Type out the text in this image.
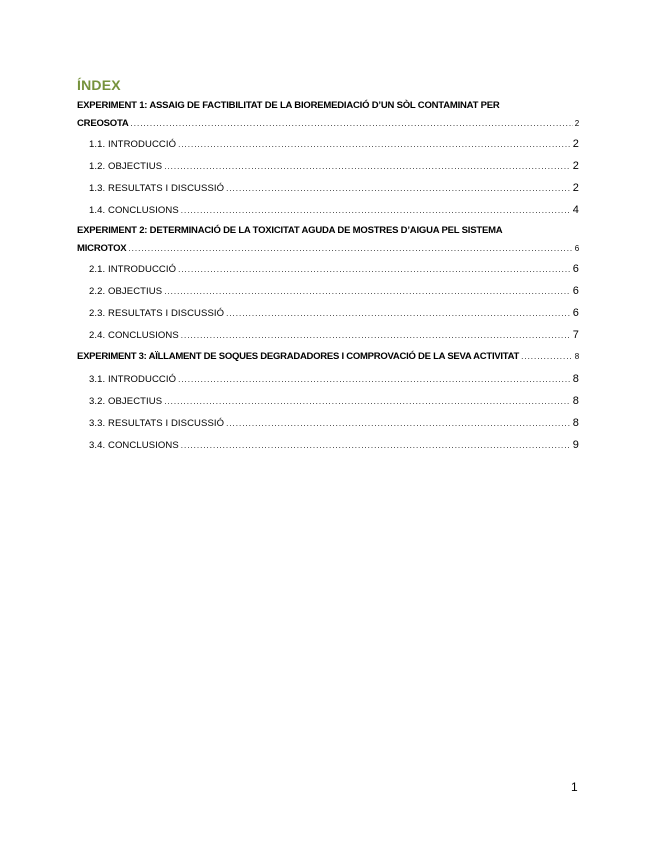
ÍNDEX
EXPERIMENT 1: ASSAIG DE FACTIBILITAT DE LA BIOREMEDIACIÓ D’UN SÒL CONTAMINAT PER
CREOSOTA .....	2
1.1. INTRODUCCIÓ .....	2
1.2. OBJECTIUS .....	2
1.3. RESULTATS I DISCUSSIÓ .....	2
1.4. CONCLUSIONS .....	4
EXPERIMENT 2: DETERMINACIÓ DE LA TOXICITAT AGUDA DE MOSTRES D’AIGUA PEL SISTEMA
MICROTOX .....	6
2.1. INTRODUCCIÓ .....	6
2.2. OBJECTIUS .....	6
2.3. RESULTATS I DISCUSSIÓ .....	6
2.4. CONCLUSIONS .....	7
EXPERIMENT 3: AÏLLAMENT DE SOQUES DEGRADADORES I COMPROVACIÓ DE LA SEVA ACTIVITAT .....	8
3.1. INTRODUCCIÓ .....	8
3.2. OBJECTIUS .....	8
3.3. RESULTATS I DISCUSSIÓ .....	8
3.4. CONCLUSIONS .....	9
1
